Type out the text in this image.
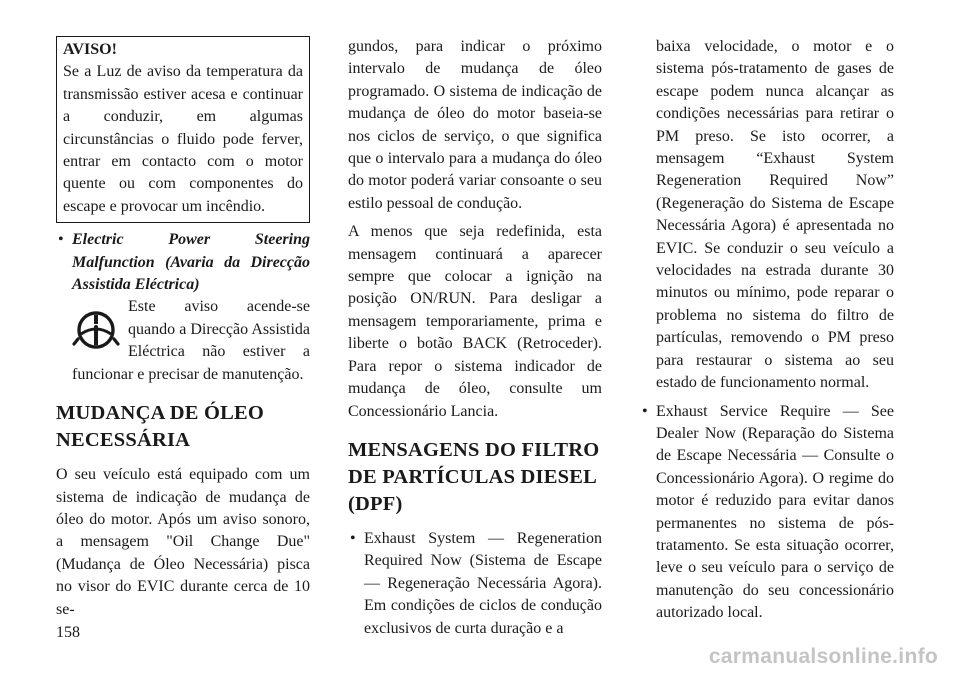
AVISO!

Se a Luz de aviso da temperatura da transmissão estiver acesa e continuar a conduzir, em algumas circunstâncias o fluido pode ferver, entrar em contacto com o motor quente ou com componentes do escape e provocar um incêndio.

• Electric Power Steering Malfunction (Avaria da Direcção Assistida Eléctrica)
Este aviso acende-se quando a Direcção Assistida Eléctrica não estiver a funcionar e precisar de manutenção.
MUDANÇA DE ÓLEO NECESSÁRIA

O seu veículo está equipado com um sistema de indicação de mudança de óleo do motor. Após um aviso sonoro, a mensagem "Oil Change Due" (Mudança de Óleo Necessária) pisca no visor do EVIC durante cerca de 10 se-

gundos, para indicar o próximo intervalo de mudança de óleo programado. O sistema de indicação de mudança de óleo do motor baseia-se nos ciclos de serviço, o que significa que o intervalo para a mudança do óleo do motor poderá variar consoante o seu estilo pessoal de condução.

A menos que seja redefinida, esta mensagem continuará a aparecer sempre que colocar a ignição na posição ON/RUN. Para desligar a mensagem temporariamente, prima e liberte o botão BACK (Retroceder). Para repor o sistema indicador de mudança de óleo, consulte um Concessionário Lancia.

MENSAGENS DO FILTRO DE PARTÍCULAS DIESEL (DPF)
• Exhaust System — Regeneration Required Now (Sistema de Escape — Regeneração Necessária Agora). Em condições de ciclos de condução exclusivos de curta duração e a

baixa velocidade, o motor e o sistema pós-tratamento de gases de escape podem nunca alcançar as condições necessárias para retirar o PM preso. Se isto ocorrer, a mensagem “Exhaust System Regeneration Required Now” (Regeneração do Sistema de Escape Necessária Agora) é apresentada no EVIC. Se conduzir o seu veículo a velocidades na estrada durante 30 minutos ou mínimo, pode reparar o problema no sistema do filtro de partículas, removendo o PM preso para restaurar o sistema ao seu estado de funcionamento normal.

• Exhaust Service Require — See Dealer Now (Reparação do Sistema de Escape Necessária — Consulte o Concessionário Agora). O regime do motor é reduzido para evitar danos permanentes no sistema de pós-tratamento. Se esta situação ocorrer, leve o seu veículo para o serviço de manutenção do seu concessionário autorizado local.
158
carmanualsonline.info
